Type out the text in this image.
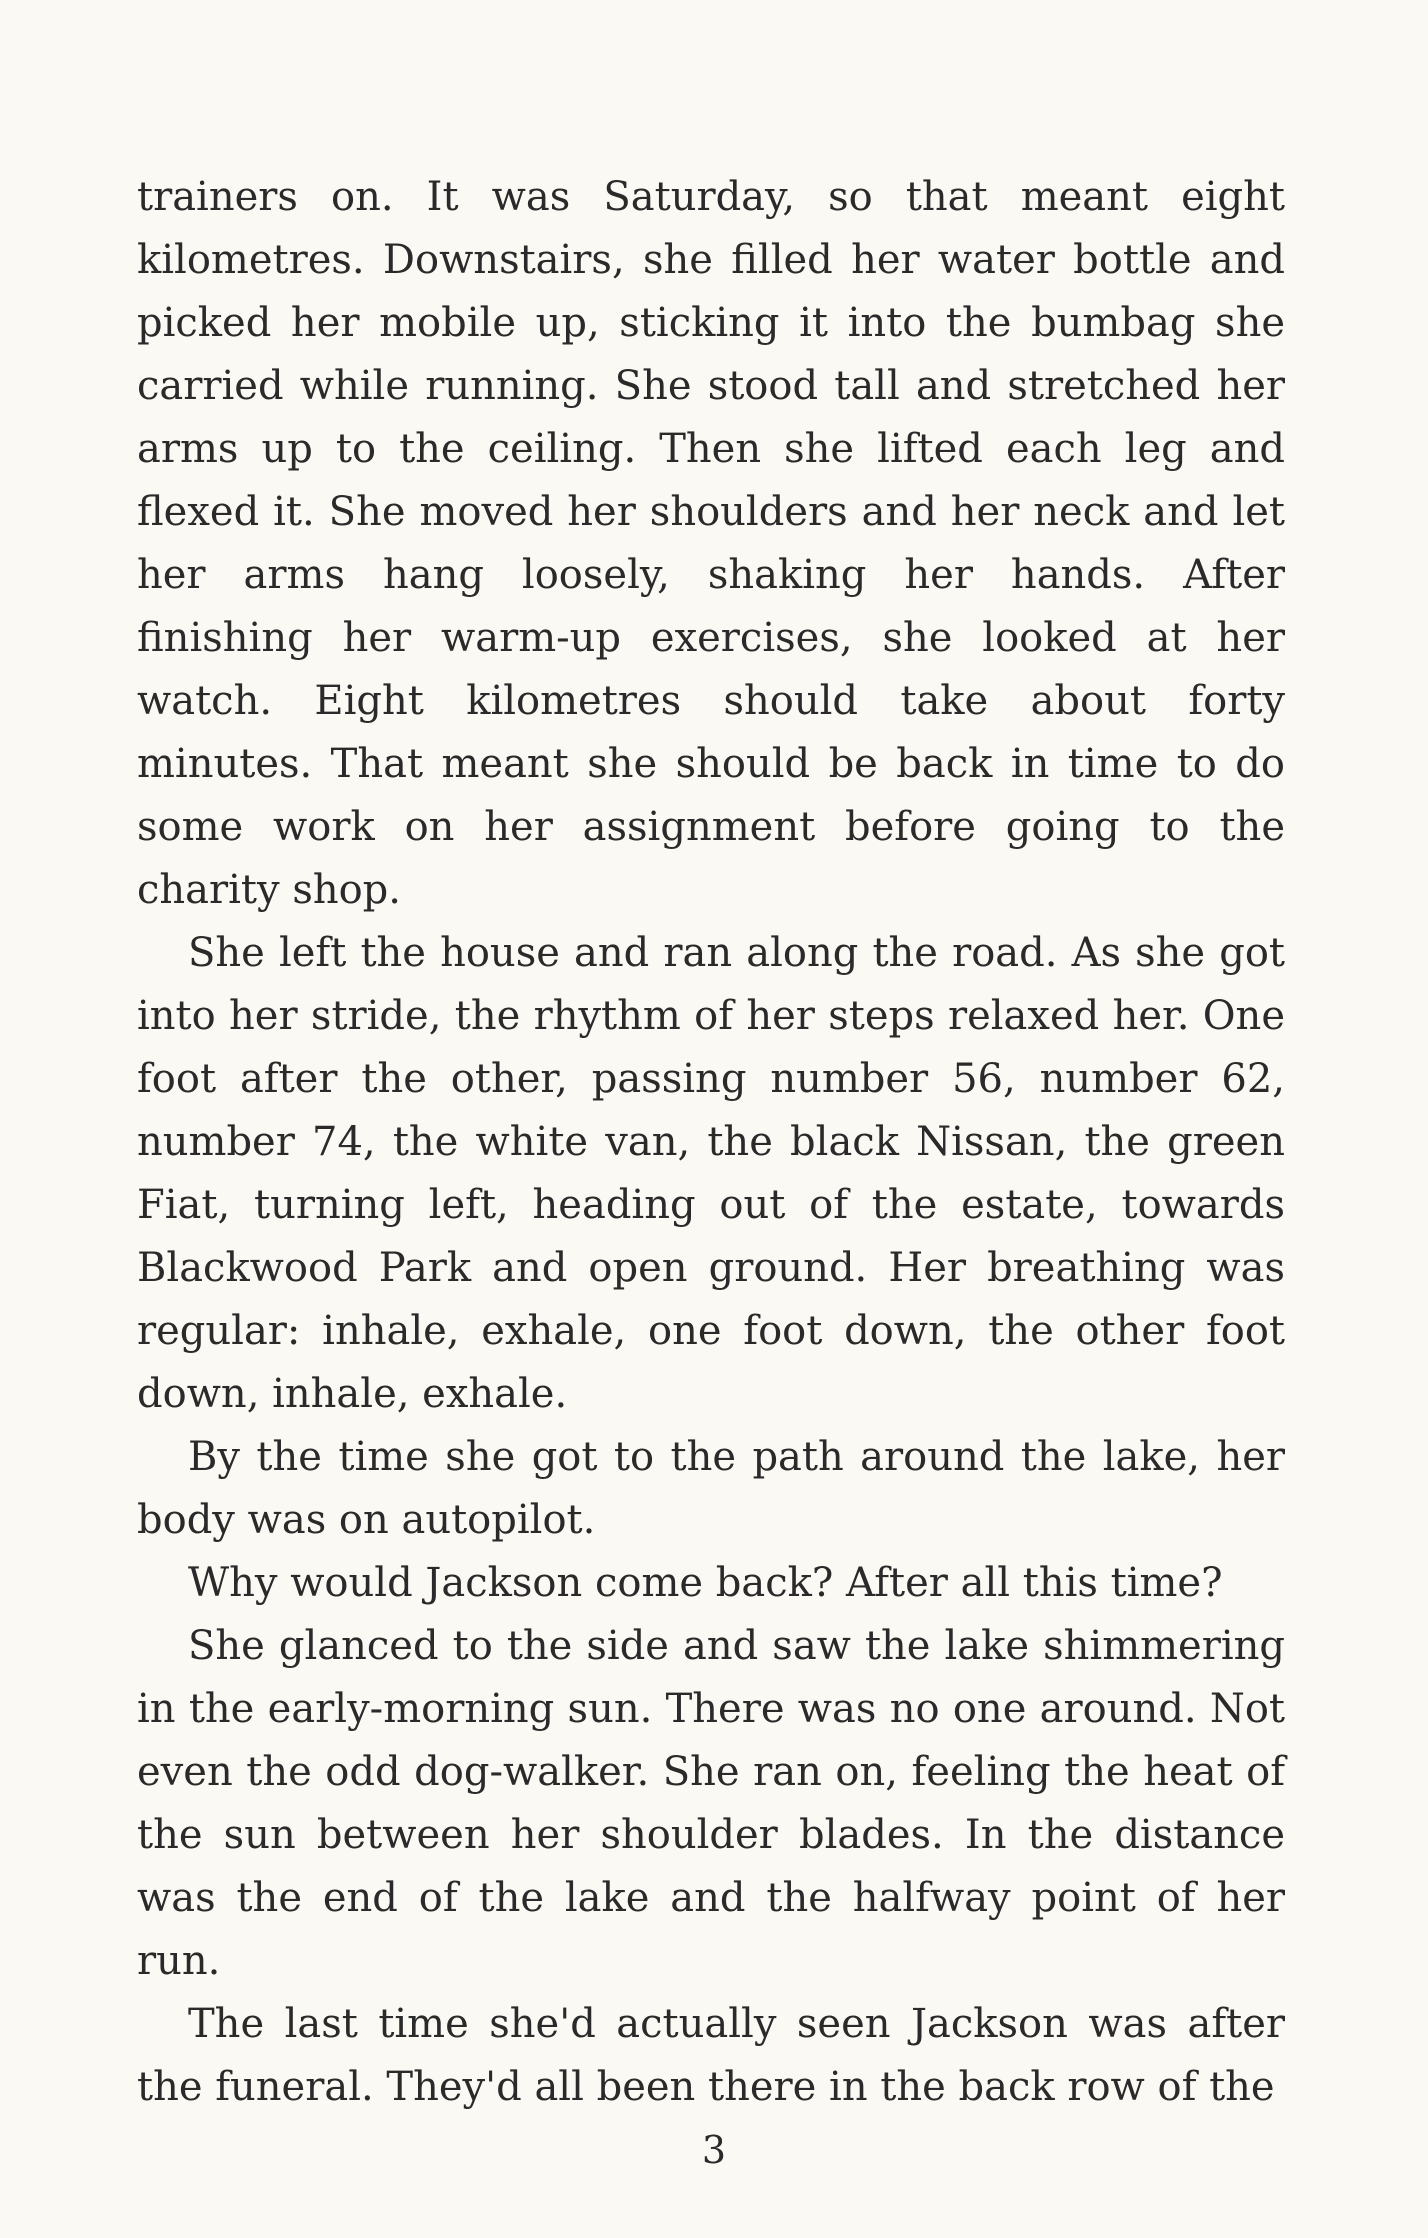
trainers on. It was Saturday, so that meant eight kilometres. Downstairs, she filled her water bottle and picked her mobile up, sticking it into the bumbag she carried while running. She stood tall and stretched her arms up to the ceiling. Then she lifted each leg and flexed it. She moved her shoulders and her neck and let her arms hang loosely, shaking her hands. After finishing her warm-up exercises, she looked at her watch. Eight kilometres should take about forty minutes. That meant she should be back in time to do some work on her assignment before going to the charity shop.

She left the house and ran along the road. As she got into her stride, the rhythm of her steps relaxed her. One foot after the other, passing number 56, number 62, number 74, the white van, the black Nissan, the green Fiat, turning left, heading out of the estate, towards Blackwood Park and open ground. Her breathing was regular: inhale, exhale, one foot down, the other foot down, inhale, exhale.

By the time she got to the path around the lake, her body was on autopilot.

Why would Jackson come back? After all this time?

She glanced to the side and saw the lake shimmering in the early-morning sun. There was no one around. Not even the odd dog-walker. She ran on, feeling the heat of the sun between her shoulder blades. In the distance was the end of the lake and the halfway point of her run.

The last time she'd actually seen Jackson was after the funeral. They'd all been there in the back row of the

3
